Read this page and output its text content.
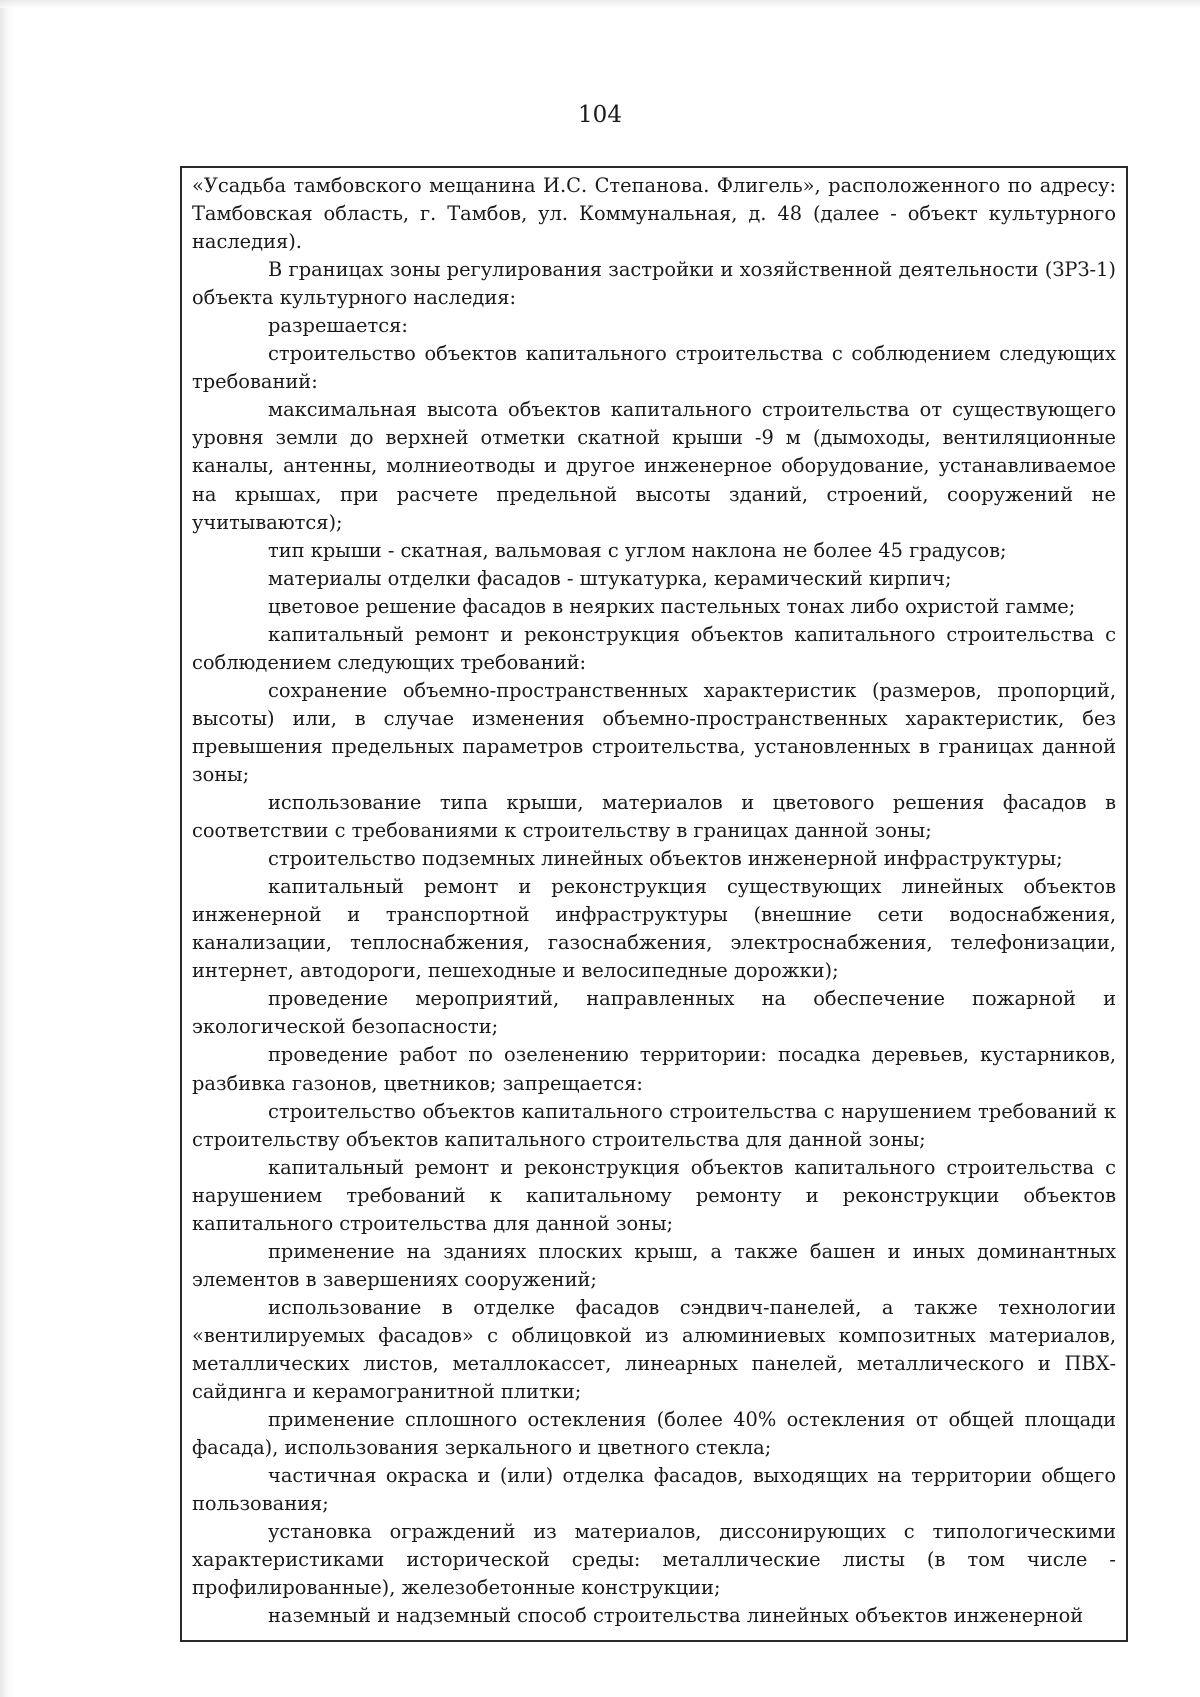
104

«Усадьба тамбовского мещанина И.С. Степанова. Флигель», расположенного по адресу: Тамбовская область, г. Тамбов, ул. Коммунальная, д. 48 (далее - объект культурного наследия).

В границах зоны регулирования застройки и хозяйственной деятельности (ЗРЗ-1) объекта культурного наследия:

разрешается:

строительство объектов капитального строительства с соблюдением следующих требований:

максимальная высота объектов капитального строительства от существующего уровня земли до верхней отметки скатной крыши -9 м (дымоходы, вентиляционные каналы, антенны, молниеотводы и другое инженерное оборудование, устанавливаемое на крышах, при расчете предельной высоты зданий, строений, сооружений не учитываются);

тип крыши - скатная, вальмовая с углом наклона не более 45 градусов;

материалы отделки фасадов - штукатурка, керамический кирпич;

цветовое решение фасадов в неярких пастельных тонах либо охристой гамме;

капитальный ремонт и реконструкция объектов капитального строительства с соблюдением следующих требований:

сохранение объемно-пространственных характеристик (размеров, пропорций, высоты) или, в случае изменения объемно-пространственных характеристик, без превышения предельных параметров строительства, установленных в границах данной зоны;

использование типа крыши, материалов и цветового решения фасадов в соответствии с требованиями к строительству в границах данной зоны;

строительство подземных линейных объектов инженерной инфраструктуры;

капитальный ремонт и реконструкция существующих линейных объектов инженерной и транспортной инфраструктуры (внешние сети водоснабжения, канализации, теплоснабжения, газоснабжения, электроснабжения, телефонизации, интернет, автодороги, пешеходные и велосипедные дорожки);

проведение мероприятий, направленных на обеспечение пожарной и экологической безопасности;

проведение работ по озеленению территории: посадка деревьев, кустарников, разбивка газонов, цветников; запрещается:

строительство объектов капитального строительства с нарушением требований к строительству объектов капитального строительства для данной зоны;

капитальный ремонт и реконструкция объектов капитального строительства с нарушением требований к капитальному ремонту и реконструкции объектов капитального строительства для данной зоны;

применение на зданиях плоских крыш, а также башен и иных доминантных элементов в завершениях сооружений;

использование в отделке фасадов сэндвич-панелей, а также технологии «вентилируемых фасадов» с облицовкой из алюминиевых композитных материалов, металлических листов, металлокассет, линеарных панелей, металлического и ПВХ-сайдинга и керамогранитной плитки;

применение сплошного остекления (более 40% остекления от общей площади фасада), использования зеркального и цветного стекла;

частичная окраска и (или) отделка фасадов, выходящих на территории общего пользования;

установка ограждений из материалов, диссонирующих с типологическими характеристиками исторической среды: металлические листы (в том числе - профилированные), железобетонные конструкции;

наземный и надземный способ строительства линейных объектов инженерной
